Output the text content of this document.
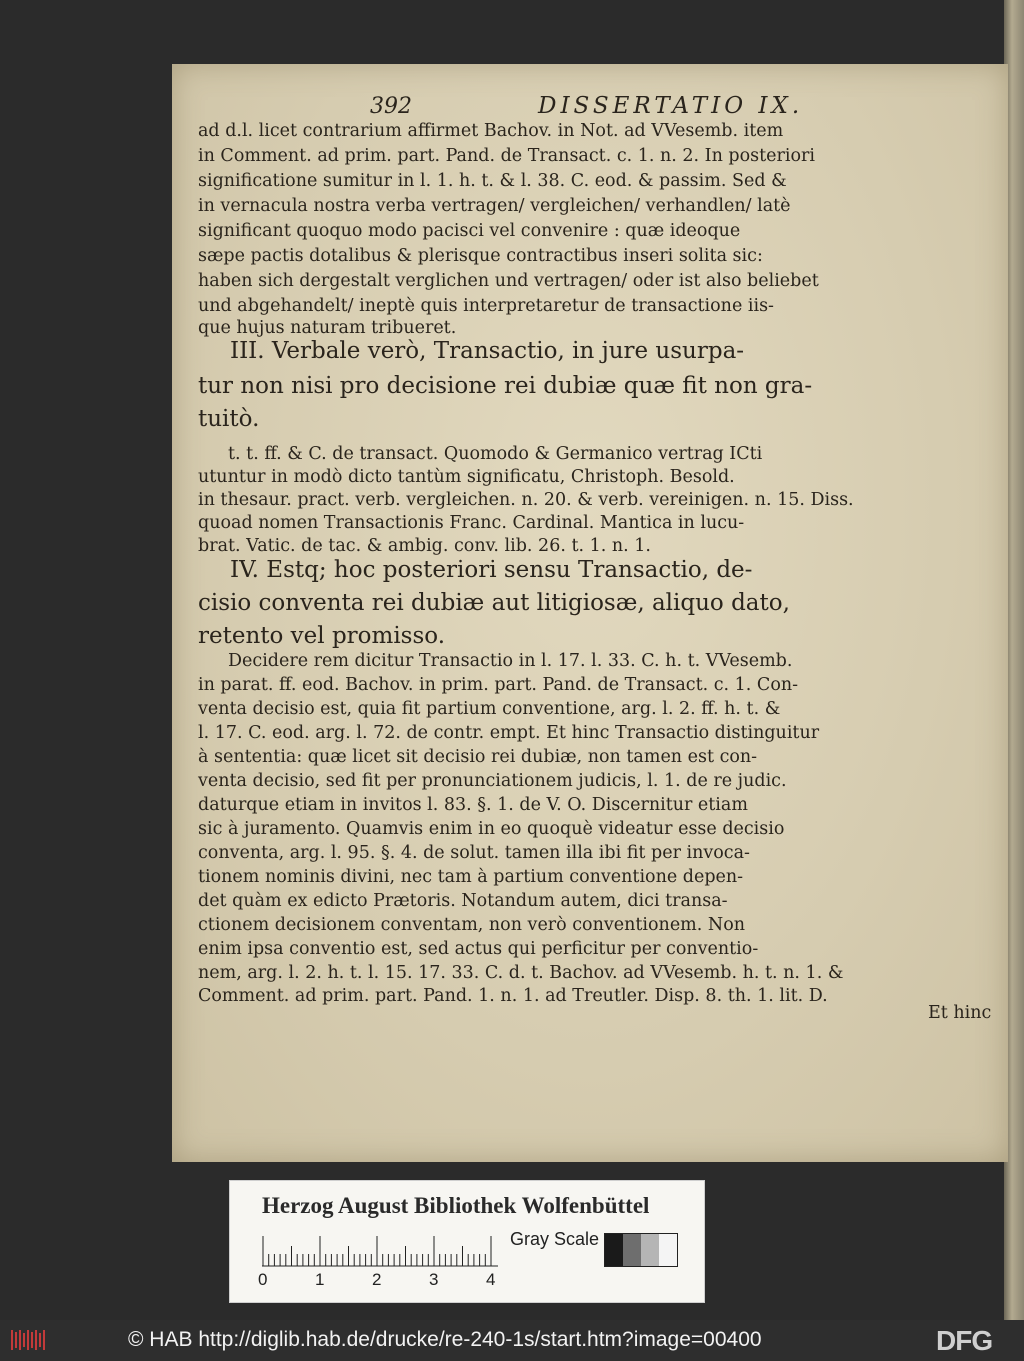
392	DISSERTATIO IX.
ad d.l. licet contrarium affirmet Bachov. in Not. ad VVesemb. item
in Comment. ad prim. part. Pand. de Transact. c. 1. n. 2. In posteriori
significatione sumitur in l. 1. h. t. & l. 38. C. eod. & passim. Sed &
in vernacula nostra verba vertragen/ vergleichen/ verhandlen/ latè
significant quoquo modo pacisci vel convenire : quæ ideoque
sæpe pactis dotalibus & plerisque contractibus inseri solita sic:
haben sich dergestalt verglichen und vertragen/ oder ist also beliebet
und abgehandelt/ ineptè quis interpretaretur de transactione iis-
que hujus naturam tribueret.
III. Verbale verò, Transactio, in jure usurpa-
tur non nisi pro decisione rei dubiæ quæ fit non gra-
tuitò.
t. t. ff. & C. de transact. Quomodo & Germanico vertrag ICti
utuntur in modò dicto tantùm significatu, Christoph. Besold.
in thesaur. pract. verb. vergleichen. n. 20. & verb. vereinigen. n. 15. Diss.
quoad nomen Transactionis Franc. Cardinal. Mantica in lucu-
brat. Vatic. de tac. & ambig. conv. lib. 26. t. 1. n. 1.
IV. Estq; hoc posteriori sensu Transactio, de-
cisio conventa rei dubiæ aut litigiosæ, aliquo dato,
retento vel promisso.
Decidere rem dicitur Transactio in l. 17. l. 33. C. h. t. VVesemb.
in parat. ff. eod. Bachov. in prim. part. Pand. de Transact. c. 1. Con-
venta decisio est, quia fit partium conventione, arg. l. 2. ff. h. t. &
l. 17. C. eod. arg. l. 72. de contr. empt. Et hinc Transactio distinguitur
à sententia: quæ licet sit decisio rei dubiæ, non tamen est con-
venta decisio, sed fit per pronunciationem judicis, l. 1. de re judic.
daturque etiam in invitos l. 83. §. 1. de V. O. Discernitur etiam
sic à juramento. Quamvis enim in eo quoquè videatur esse decisio
conventa, arg. l. 95. §. 4. de solut. tamen illa ibi fit per invoca-
tionem nominis divini, nec tam à partium conventione depen-
det quàm ex edicto Prætoris. Notandum autem, dici transa-
ctionem decisionem conventam, non verò conventionem. Non
enim ipsa conventio est, sed actus qui perficitur per conventio-
nem, arg. l. 2. h. t. l. 15. 17. 33. C. d. t. Bachov. ad VVesemb. h. t. n. 1. &
Comment. ad prim. part. Pand. 1. n. 1. ad Treutler. Disp. 8. th. 1. lit. D.
Et hinc
Herzog August Bibliothek Wolfenbüttel
0	1	2	3	4
Gray Scale
© HAB http://diglib.hab.de/drucke/re-240-1s/start.htm?image=00400	DFG
